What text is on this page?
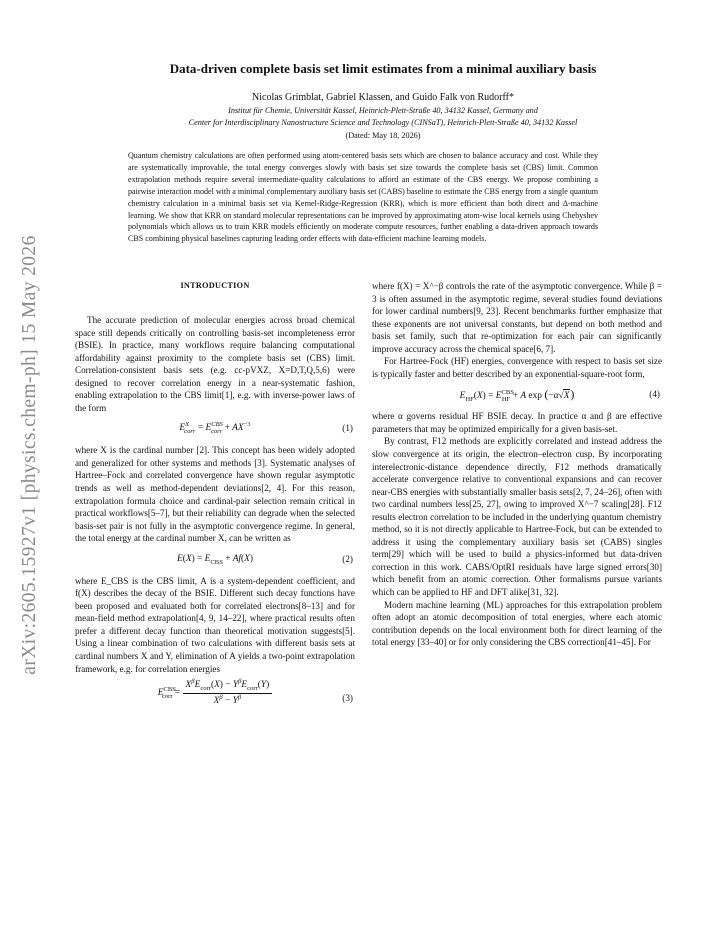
arXiv:2605.15927v1 [physics.chem-ph] 15 May 2026
Data-driven complete basis set limit estimates from a minimal auxiliary basis
Nicolas Grimblat, Gabriel Klassen, and Guido Falk von Rudorff*
Institut für Chemie, Universität Kassel, Heinrich-Plett-Straße 40, 34132 Kassel, Germany and
Center for Interdisciplinary Nanostructure Science and Technology (CINSaT), Heinrich-Plett-Straße 40, 34132 Kassel
(Dated: May 18, 2026)
Quantum chemistry calculations are often performed using atom-centered basis sets which are chosen to balance accuracy and cost. While they are systematically improvable, the total energy converges slowly with basis set size towards the complete basis set (CBS) limit. Common extrapolation methods require several intermediate-quality calculations to afford an estimate of the CBS energy. We propose combining a pairwise interaction model with a minimal complementary auxiliary basis set (CABS) baseline to estimate the CBS energy from a single quantum chemistry calculation in a minimal basis set via Kernel-Ridge-Regression (KRR), which is more efficient than both direct and Δ-machine learning. We show that KRR on standard molecular representations can be improved by approximating atom-wise local kernels using Chebyshev polynomials which allows us to train KRR models efficiently on moderate compute resources, further enabling a data-driven approach towards CBS combining physical baselines capturing leading order effects with data-efficient machine learning models.

INTRODUCTION

The accurate prediction of molecular energies across broad chemical space still depends critically on controlling basis-set incompleteness error (BSIE). In practice, many workflows require balancing computational affordability against proximity to the complete basis set (CBS) limit. Correlation-consistent basis sets (e.g. cc-pVXZ, X=D,T,Q,5,6) were designed to recover correlation energy in a near-systematic fashion, enabling extrapolation to the CBS limit[1], e.g. with inverse-power laws of the form

$E^X_{corr} = E^{CBS}_{corr} + AX^{-3}$	(1)

where X is the cardinal number [2]. This concept has been widely adopted and generalized for other systems and methods [3]. Systematic analyses of Hartree–Fock and correlated convergence have shown regular asymptotic trends as well as method-dependent deviations[2, 4]. For this reason, extrapolation formula choice and cardinal-pair selection remain critical in practical workflows[5–7], but their reliability can degrade when the selected basis-set pair is not fully in the asymptotic convergence regime. In general, the total energy at the cardinal number X, can be written as

$E(X) = E_{CBS} + Af(X)$	(2)

where E_CBS is the CBS limit, A is a system-dependent coefficient, and f(X) describes the decay of the BSIE. Different such decay functions have been proposed and evaluated both for correlated electrons[8–13] and for mean-field method extrapolation[4, 9, 14–22], where practical results often prefer a different decay function than theoretical motivation suggests[5]. Using a linear combination of two calculations with different basis sets at cardinal numbers X and Y, elimination of A yields a two-point extrapolation framework, e.g. for correlation energies

$E^{CBS}_{corr} = \frac{X^\beta E_{corr}(X) - Y^\beta E_{corr}(Y)}{X^\beta - Y^\beta}$	(3)

where f(X) = X^−β controls the rate of the asymptotic convergence. While β = 3 is often assumed in the asymptotic regime, several studies found deviations for lower cardinal numbers[9, 23]. Recent benchmarks further emphasize that these exponents are not universal constants, but depend on both method and basis set family, such that re-optimization for each pair can significantly improve accuracy across the chemical space[6, 7].

For Hartree-Fock (HF) energies, convergence with respect to basis set size is typically faster and better described by an exponential-square-root form,

$E_{HF}(X) = E^{CBS}_{HF} + A$ exp (−α√X)	(4)

where α governs residual HF BSIE decay. In practice α and β are effective parameters that may be optimized empirically for a given basis-set.

By contrast, F12 methods are explicitly correlated and instead address the slow convergence at its origin, the electron–electron cusp. By incorporating interelectronic-distance dependence directly, F12 methods dramatically accelerate convergence relative to conventional expansions and can recover near-CBS energies with substantially smaller basis sets[2, 7, 24–26], often with two cardinal numbers less[25, 27], owing to improved X^−7 scaling[28]. F12 results electron correlation to be included in the underlying quantum chemistry method, so it is not directly applicable to Hartree-Fock, but can be extended to address it using the complementary auxiliary basis set (CABS) singles term[29] which will be used to build a physics-informed but data-driven correction in this work. CABS/OptRI residuals have large signed errors[30] which benefit from an atomic correction. Other formalisms pursue variants which can be applied to HF and DFT alike[31, 32].

Modern machine learning (ML) approaches for this extrapolation problem often adopt an atomic decomposition of total energies, where each atomic contribution depends on the local environment both for direct learning of the total energy [33–40] or for only considering the CBS correction[41–45]. For
